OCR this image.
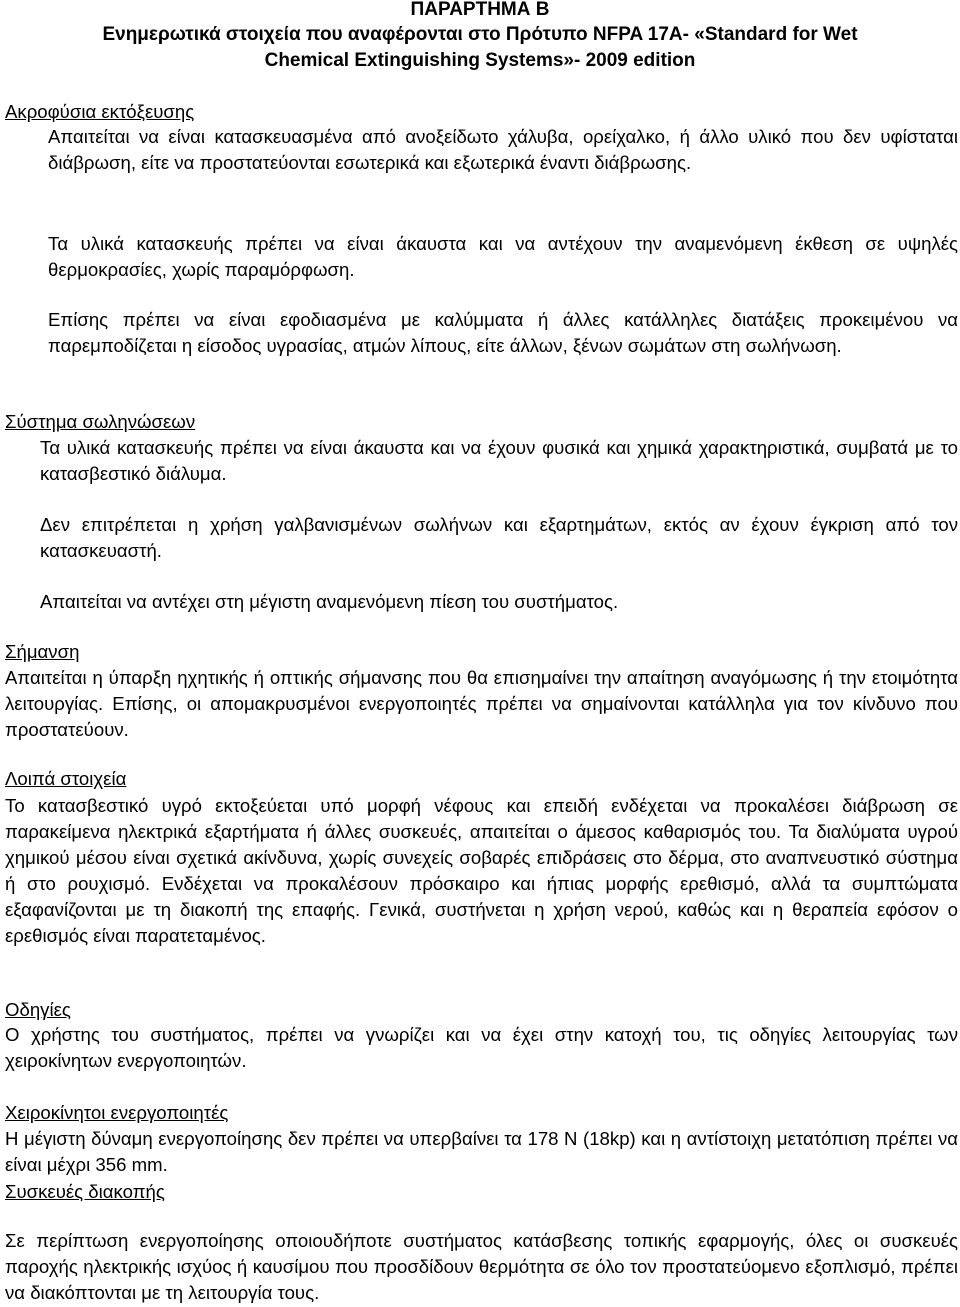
ΠΑΡΑΡΤΗΜΑ Β
Ενημερωτικά στοιχεία που αναφέρονται στο Πρότυπο NFPA 17A- «Standard for Wet
Chemical Extinguishing Systems»- 2009 edition
Ακροφύσια εκτόξευσης
Απαιτείται να είναι κατασκευασμένα από ανοξείδωτο χάλυβα, ορείχαλκο, ή άλλο υλικό που δεν υφίσταται διάβρωση, είτε να προστατεύονται εσωτερικά και εξωτερικά έναντι διάβρωσης.
Τα υλικά κατασκευής πρέπει να είναι άκαυστα και να αντέχουν την αναμενόμενη έκθεση σε υψηλές θερμοκρασίες, χωρίς παραμόρφωση.
Επίσης πρέπει να είναι εφοδιασμένα με καλύμματα ή άλλες κατάλληλες διατάξεις προκειμένου να παρεμποδίζεται η είσοδος υγρασίας, ατμών λίπους, είτε άλλων, ξένων σωμάτων στη σωλήνωση.
Σύστημα σωληνώσεων
Τα υλικά κατασκευής πρέπει να είναι άκαυστα και να έχουν φυσικά και χημικά χαρακτηριστικά, συμβατά με το κατασβεστικό διάλυμα.
Δεν επιτρέπεται η χρήση γαλβανισμένων σωλήνων και εξαρτημάτων, εκτός αν έχουν έγκριση από τον κατασκευαστή.
Απαιτείται να αντέχει στη μέγιστη αναμενόμενη πίεση του συστήματος.
Σήμανση
Απαιτείται η ύπαρξη ηχητικής ή οπτικής σήμανσης που θα επισημαίνει την απαίτηση αναγόμωσης ή την ετοιμότητα λειτουργίας. Επίσης, οι απομακρυσμένοι ενεργοποιητές πρέπει να σημαίνονται κατάλληλα για τον κίνδυνο που προστατεύουν.
Λοιπά στοιχεία
Το κατασβεστικό υγρό εκτοξεύεται υπό μορφή νέφους και επειδή ενδέχεται να προκαλέσει διάβρωση σε παρακείμενα ηλεκτρικά εξαρτήματα ή άλλες συσκευές, απαιτείται ο άμεσος καθαρισμός του. Τα διαλύματα υγρού χημικού μέσου είναι σχετικά ακίνδυνα, χωρίς συνεχείς σοβαρές επιδράσεις στο δέρμα, στο αναπνευστικό σύστημα ή στο ρουχισμό. Ενδέχεται να προκαλέσουν πρόσκαιρο και ήπιας μορφής ερεθισμό, αλλά τα συμπτώματα εξαφανίζονται με τη διακοπή της επαφής. Γενικά, συστήνεται η χρήση νερού, καθώς και η θεραπεία εφόσον ο ερεθισμός είναι παρατεταμένος.
Οδηγίες
Ο χρήστης του συστήματος, πρέπει να γνωρίζει και να έχει στην κατοχή του, τις οδηγίες λειτουργίας των χειροκίνητων ενεργοποιητών.
Χειροκίνητοι ενεργοποιητές
Η μέγιστη δύναμη ενεργοποίησης δεν πρέπει να υπερβαίνει τα 178 Ν (18kp) και η αντίστοιχη μετατόπιση πρέπει να είναι μέχρι 356 mm.
Συσκευές διακοπής
Σε περίπτωση ενεργοποίησης οποιουδήποτε συστήματος κατάσβεσης τοπικής εφαρμογής, όλες οι συσκευές παροχής ηλεκτρικής ισχύος ή καυσίμου που προσδίδουν θερμότητα σε όλο τον προστατεύομενο εξοπλισμό, πρέπει να διακόπτονται με τη λειτουργία τους.
